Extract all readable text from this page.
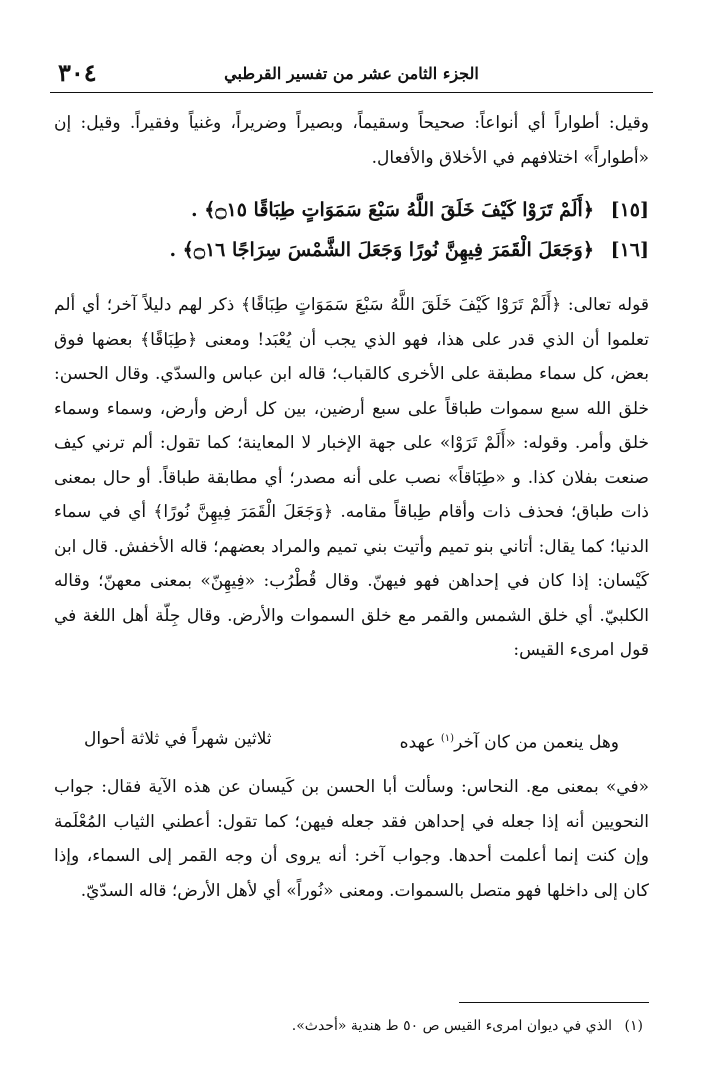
الجزء الثامن عشر من تفسير القرطبي
٣٠٤

وقيل: أطواراً أي أنواعاً: صحيحاً وسقيماً، وبصيراً وضريراً، وغنياً وفقيراً. وقيل: إن «أطواراً» اختلافهم في الأخلاق والأفعال.

[١٥] ﴿أَلَمْ تَرَوْا كَيْفَ خَلَقَ اللَّهُ سَبْعَ سَمَوَاتٍ طِبَاقًا ۝١٥﴾ .
[١٦] ﴿وَجَعَلَ الْقَمَرَ فِيهِنَّ نُورًا وَجَعَلَ الشَّمْسَ سِرَاجًا ۝١٦﴾ .

قوله تعالى: ﴿أَلَمْ تَرَوْا كَيْفَ خَلَقَ اللَّهُ سَبْعَ سَمَوَاتٍ طِبَاقًا﴾ ذكر لهم دليلاً آخر؛ أي ألم تعلموا أن الذي قدر على هذا، فهو الذي يجب أن يُعْبَد! ومعنى ﴿طِبَاقًا﴾ بعضها فوق بعض، كل سماء مطبقة على الأخرى كالقباب؛ قاله ابن عباس والسدّي. وقال الحسن: خلق الله سبع سموات طباقاً على سبع أرضين، بين كل أرض وأرض، وسماء وسماء خلق وأمر. وقوله: «أَلَمْ تَرَوْا» على جهة الإخبار لا المعاينة؛ كما تقول: ألم ترني كيف صنعت بفلان كذا. و «طِبَاقاً» نصب على أنه مصدر؛ أي مطابقة طباقاً. أو حال بمعنى ذات طباق؛ فحذف ذات وأقام طِباقاً مقامه. ﴿وَجَعَلَ الْقَمَرَ فِيهِنَّ نُورًا﴾ أي في سماء الدنيا؛ كما يقال: أتاني بنو تميم وأتيت بني تميم والمراد بعضهم؛ قاله الأخفش. قال ابن كَيْسان: إذا كان في إحداهن فهو فيهنّ. وقال قُطْرُب: «فِيهِنّ» بمعنى معهنّ؛ وقاله الكلبيّ. أي خلق الشمس والقمر مع خلق السموات والأرض. وقال جِلّة أهل اللغة في قول امرىء القيس:

وهل ينعمن من كان آخر$^{(١)}$ عهده
ثلاثين شهراً في ثلاثة أحوال

«في» بمعنى مع. النحاس: وسألت أبا الحسن بن كَيسان عن هذه الآية فقال: جواب النحويين أنه إذا جعله في إحداهن فقد جعله فيهن؛ كما تقول: أعطني الثياب المُعْلَمة وإن كنت إنما أعلمت أحدها. وجواب آخر: أنه يروى أن وجه القمر إلى السماء، وإذا كان إلى داخلها فهو متصل بالسموات. ومعنى «نُوراً» أي لأهل الأرض؛ قاله السدّيّ.

(١) الذي في ديوان امرىء القيس ص ٥٠ ط هندية «أحدث».
